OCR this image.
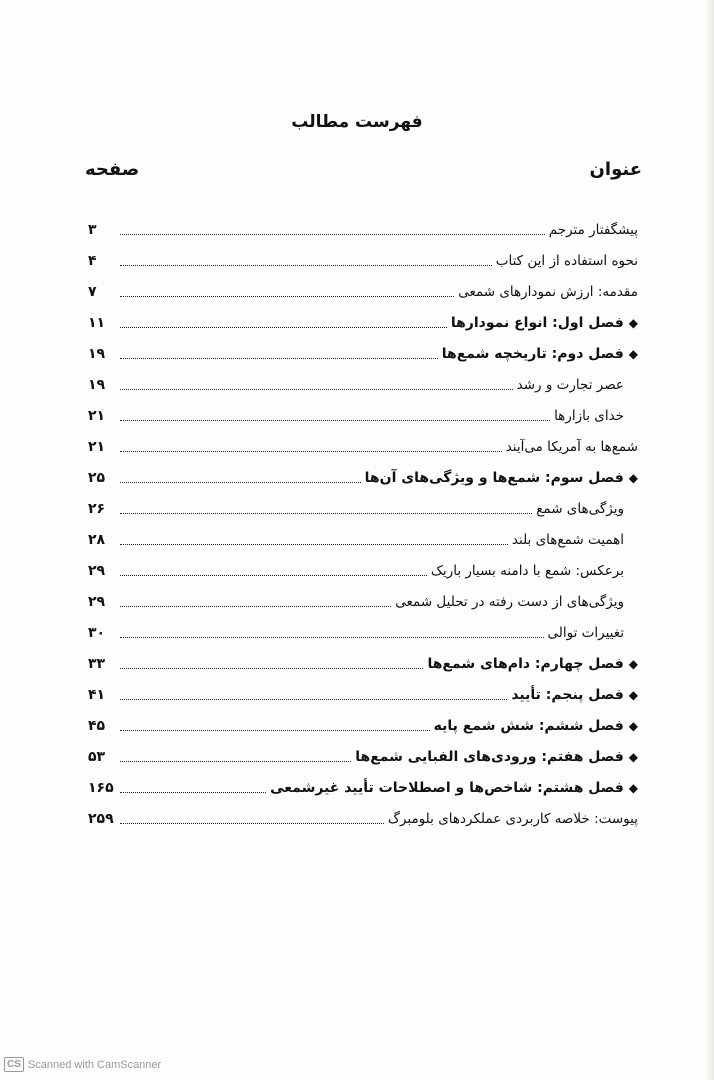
فهرست مطالب
عنوان
صفحه
پیشگفتار مترجم
۳
نحوه استفاده از این کتاب
۴
مقدمه: ارزش نمودارهای شمعی
۷
◆
فصل اول: انواع نمودارها
۱۱
◆
فصل دوم: تاریخچه شمع‌ها
۱۹
عصر تجارت و رشد
۱۹
خدای بازارها
۲۱
شمع‌ها به آمریکا می‌آیند
۲۱
◆
فصل سوم: شمع‌ها و ویژگی‌های آن‌ها
۲۵
ویژگی‌های شمع
۲۶
اهمیت شمع‌های بلند
۲۸
برعکس: شمع با دامنه بسیار باریک
۲۹
ویژگی‌های از دست رفته در تحلیل شمعی
۲۹
تغییرات توالی
۳۰
◆
فصل چهارم: دام‌های شمع‌ها
۳۳
◆
فصل پنجم: تأیید
۴۱
◆
فصل ششم: شش شمع پایه
۴۵
◆
فصل هفتم: ورودی‌های الفبایی شمع‌ها
۵۳
◆
فصل هشتم: شاخص‌ها و اصطلاحات تأیید غیرشمعی
۱۶۵
پیوست: خلاصه کاربردی عملکردهای بلومبرگ
۲۵۹
CS Scanned with CamScanner
